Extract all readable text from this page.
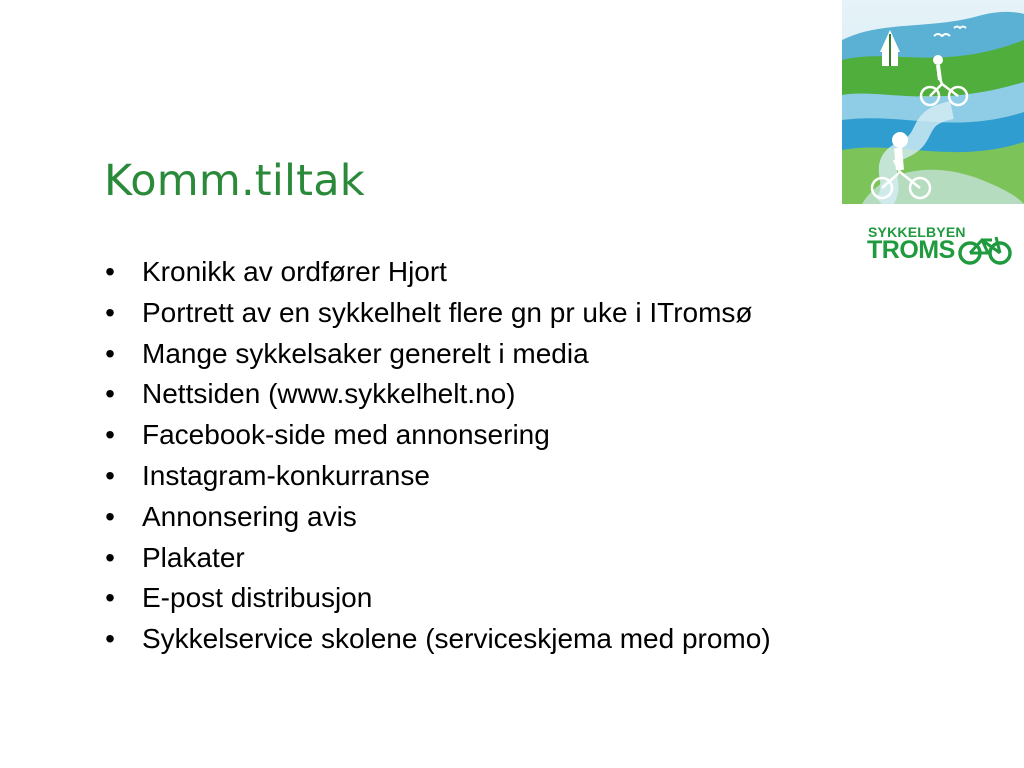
Komm.tiltak
• Kronikk av ordfører Hjort
• Portrett av en sykkelhelt flere gn pr uke i ITromsø
• Mange sykkelsaker generelt i media
• Nettsiden (www.sykkelhelt.no)
• Facebook-side med annonsering
• Instagram-konkurranse
• Annonsering avis
• Plakater
• E-post distribusjon
• Sykkelservice skolene (serviceskjema med promo)
SYKKELBYEN
TROMS
